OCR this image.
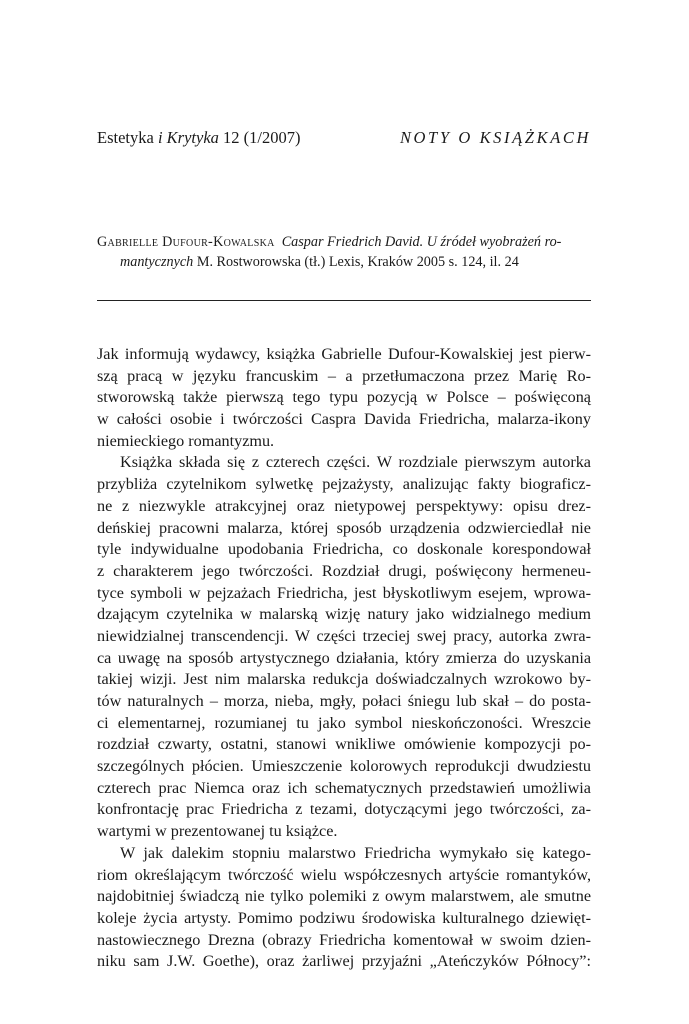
Estetyka i Krytyka 12 (1/2007)	NOTY O KSIĄŻKACH
Gabrielle Dufour-Kowalska Caspar Friedrich David. U źródeł wyobrażeń ro-
mantycznych M. Rostworowska (tł.) Lexis, Kraków 2005 s. 124, il. 24
Jak informują wydawcy, książka Gabrielle Dufour-Kowalskiej jest pierw-
szą pracą w języku francuskim – a przetłumaczona przez Marię Ro-
stworowską także pierwszą tego typu pozycją w Polsce – poświęconą
w całości osobie i twórczości Caspra Davida Friedricha, malarza-ikony
niemieckiego romantyzmu.
Książka składa się z czterech części. W rozdziale pierwszym autorka
przybliża czytelnikom sylwetkę pejzażysty, analizując fakty biograficz-
ne z niezwykle atrakcyjnej oraz nietypowej perspektywy: opisu drez-
deńskiej pracowni malarza, której sposób urządzenia odzwierciedlał nie
tyle indywidualne upodobania Friedricha, co doskonale korespondował
z charakterem jego twórczości. Rozdział drugi, poświęcony hermeneu-
tyce symboli w pejzażach Friedricha, jest błyskotliwym esejem, wprowa-
dzającym czytelnika w malarską wizję natury jako widzialnego medium
niewidzialnej transcendencji. W części trzeciej swej pracy, autorka zwra-
ca uwagę na sposób artystycznego działania, który zmierza do uzyskania
takiej wizji. Jest nim malarska redukcja doświadczalnych wzrokowo by-
tów naturalnych – morza, nieba, mgły, połaci śniegu lub skał – do posta-
ci elementarnej, rozumianej tu jako symbol nieskończoności. Wreszcie
rozdział czwarty, ostatni, stanowi wnikliwe omówienie kompozycji po-
szczególnych płócien. Umieszczenie kolorowych reprodukcji dwudziestu
czterech prac Niemca oraz ich schematycznych przedstawień umożliwia
konfrontację prac Friedricha z tezami, dotyczącymi jego twórczości, za-
wartymi w prezentowanej tu książce.
W jak dalekim stopniu malarstwo Friedricha wymykało się katego-
riom określającym twórczość wielu współczesnych artyście romantyków,
najdobitniej świadczą nie tylko polemiki z owym malarstwem, ale smutne
koleje życia artysty. Pomimo podziwu środowiska kulturalnego dziewięt-
nastowiecznego Drezna (obrazy Friedricha komentował w swoim dzien-
niku sam J.W. Goethe), oraz żarliwej przyjaźni „Ateńczyków Północy”:
